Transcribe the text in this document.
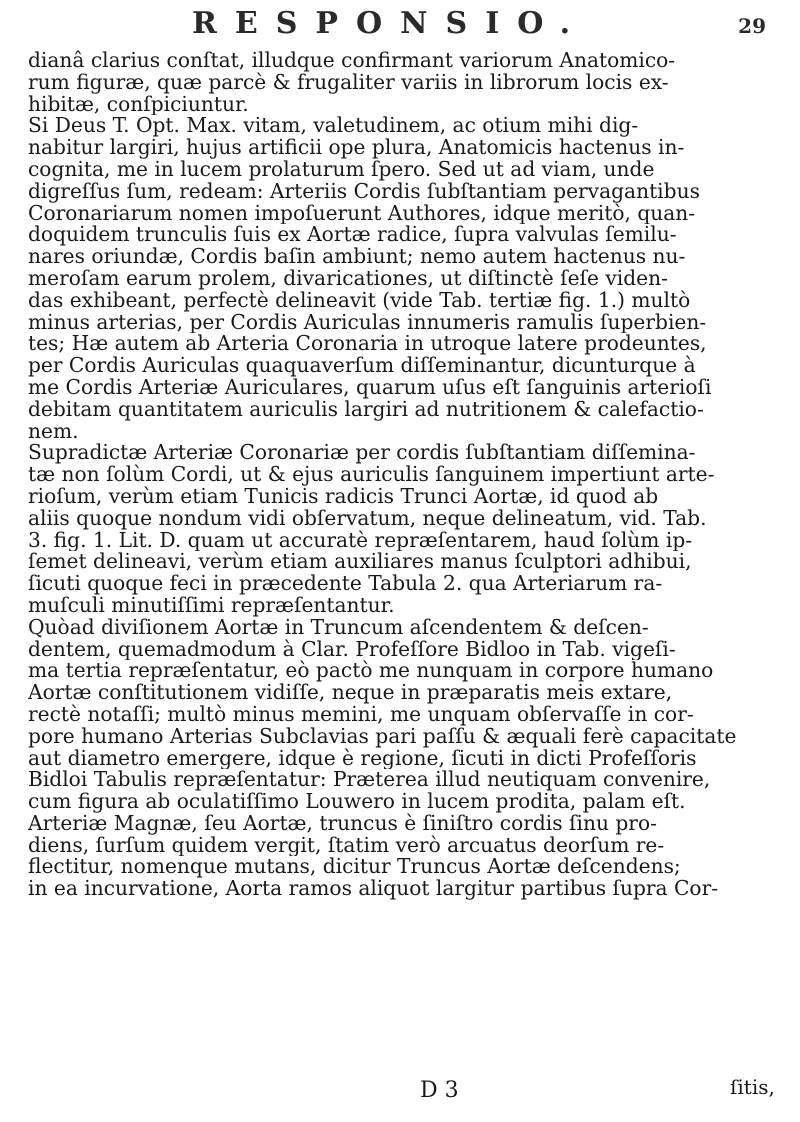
RESPONSIO.	29
dianâ clarius conſtat, illudque confirmant variorum Anatomico-
rum figuræ, quæ parcè & frugaliter variis in librorum locis ex-
hibitæ, conſpiciuntur.
Si Deus T. Opt. Max. vitam, valetudinem, ac otium mihi dig-
nabitur largiri, hujus artificii ope plura, Anatomicis hactenus in-
cognita, me in lucem prolaturum ſpero. Sed ut ad viam, unde
digreſſus ſum, redeam: Arteriis Cordis ſubſtantiam pervagantibus
Coronariarum nomen impoſuerunt Authores, idque meritò, quan-
doquidem trunculis ſuis ex Aortæ radice, ſupra valvulas ſemilu-
nares oriundæ, Cordis baſin ambiunt; nemo autem hactenus nu-
meroſam earum prolem, divaricationes, ut diſtinctè ſeſe viden-
das exhibeant, perfectè delineavit (vide Tab. tertiæ fig. 1.) multò
minus arterias, per Cordis Auriculas innumeris ramulis ſuperbien-
tes; Hæ autem ab Arteria Coronaria in utroque latere prodeuntes,
per Cordis Auriculas quaquaverſum diſſeminantur, dicunturque à
me Cordis Arteriæ Auriculares, quarum uſus eſt ſanguinis arterioſi
debitam quantitatem auriculis largiri ad nutritionem & calefactio-
nem.
Supradictæ Arteriæ Coronariæ per cordis ſubſtantiam diſſemina-
tæ non ſolùm Cordi, ut & ejus auriculis ſanguinem impertiunt arte-
rioſum, verùm etiam Tunicis radicis Trunci Aortæ, id quod ab
aliis quoque nondum vidi obſervatum, neque delineatum, vid. Tab.
3. fig. 1. Lit. D. quam ut accuratè repræſentarem, haud ſolùm ip-
ſemet delineavi, verùm etiam auxiliares manus ſculptori adhibui,
ſicuti quoque feci in præcedente Tabula 2. qua Arteriarum ra-
muſculi minutiſſimi repræſentantur.
Quòad diviſionem Aortæ in Truncum aſcendentem & deſcen-
dentem, quemadmodum à Clar. Profeſſore Bidloo in Tab. vigeſi-
ma tertia repræſentatur, eò pactò me nunquam in corpore humano
Aortæ conſtitutionem vidiſſe, neque in præparatis meis extare,
rectè notaſſi; multò minus memini, me unquam obſervaſſe in cor-
pore humano Arterias Subclavias pari paſſu & æquali ferè capacitate
aut diametro emergere, idque è regione, ſicuti in dicti Profeſſoris
Bidloi Tabulis repræſentatur: Præterea illud neutiquam convenire,
cum figura ab oculatiſſimo Louwero in lucem prodita, palam eſt.
Arteriæ Magnæ, ſeu Aortæ, truncus è ſiniſtro cordis ſinu pro-
diens, ſurſum quidem vergit, ſtatim verò arcuatus deorſum re-
flectitur, nomenque mutans, dicitur Truncus Aortæ deſcendens;
in ea incurvatione, Aorta ramos aliquot largitur partibus ſupra Cor-
D 3	ſitis,
